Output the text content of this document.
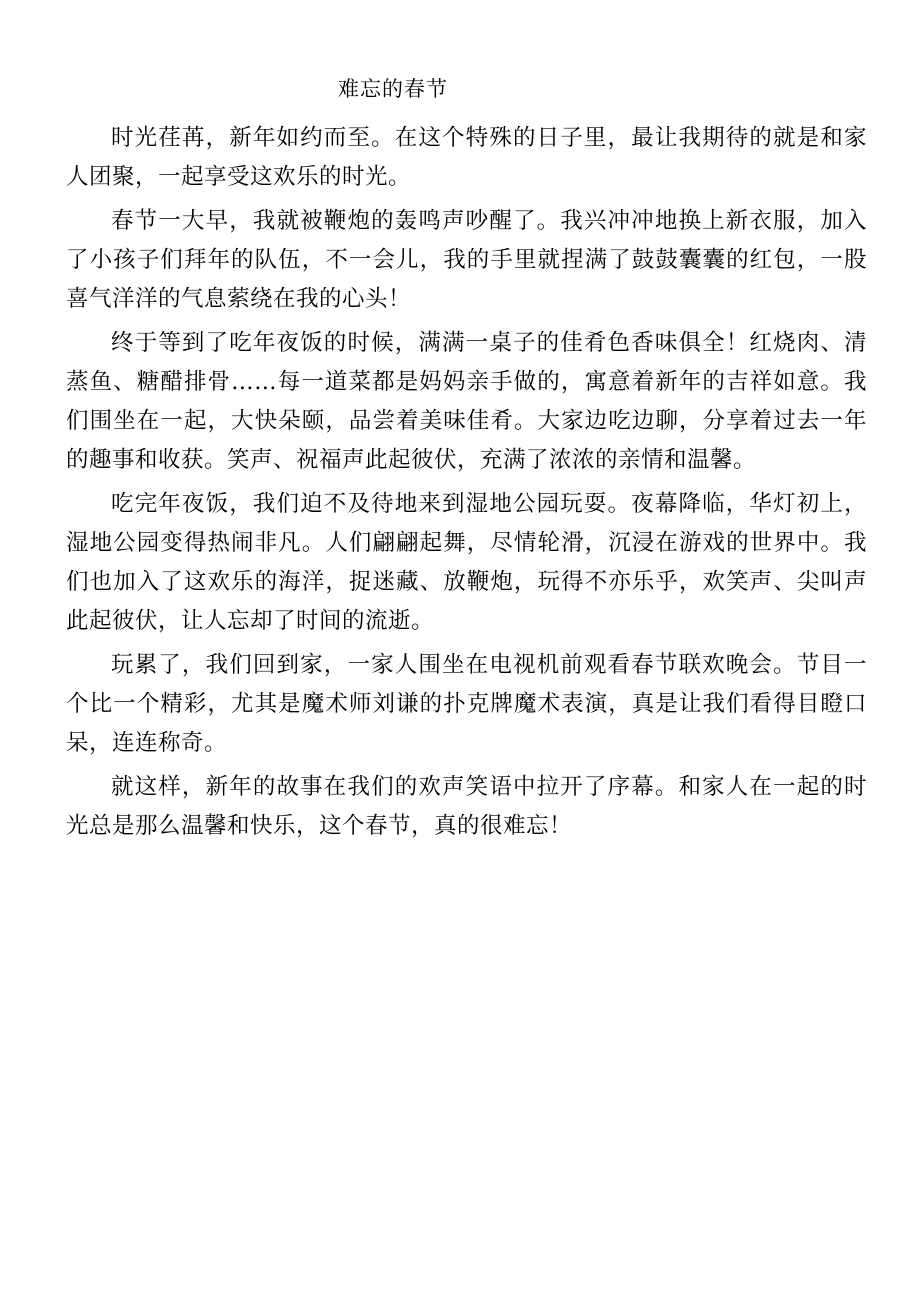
难忘的春节

时光荏苒，新年如约而至。在这个特殊的日子里，最让我期待的就是和家人团聚，一起享受这欢乐的时光。

春节一大早，我就被鞭炮的轰鸣声吵醒了。我兴冲冲地换上新衣服，加入了小孩子们拜年的队伍，不一会儿，我的手里就捏满了鼓鼓囊囊的红包，一股喜气洋洋的气息萦绕在我的心头！

终于等到了吃年夜饭的时候，满满一桌子的佳肴色香味俱全！红烧肉、清蒸鱼、糖醋排骨……每一道菜都是妈妈亲手做的，寓意着新年的吉祥如意。我们围坐在一起，大快朵颐，品尝着美味佳肴。大家边吃边聊，分享着过去一年的趣事和收获。笑声、祝福声此起彼伏，充满了浓浓的亲情和温馨。

吃完年夜饭，我们迫不及待地来到湿地公园玩耍。夜幕降临，华灯初上，湿地公园变得热闹非凡。人们翩翩起舞，尽情轮滑，沉浸在游戏的世界中。我们也加入了这欢乐的海洋，捉迷藏、放鞭炮，玩得不亦乐乎，欢笑声、尖叫声此起彼伏，让人忘却了时间的流逝。

玩累了，我们回到家，一家人围坐在电视机前观看春节联欢晚会。节目一个比一个精彩，尤其是魔术师刘谦的扑克牌魔术表演，真是让我们看得目瞪口呆，连连称奇。

就这样，新年的故事在我们的欢声笑语中拉开了序幕。和家人在一起的时光总是那么温馨和快乐，这个春节，真的很难忘！
